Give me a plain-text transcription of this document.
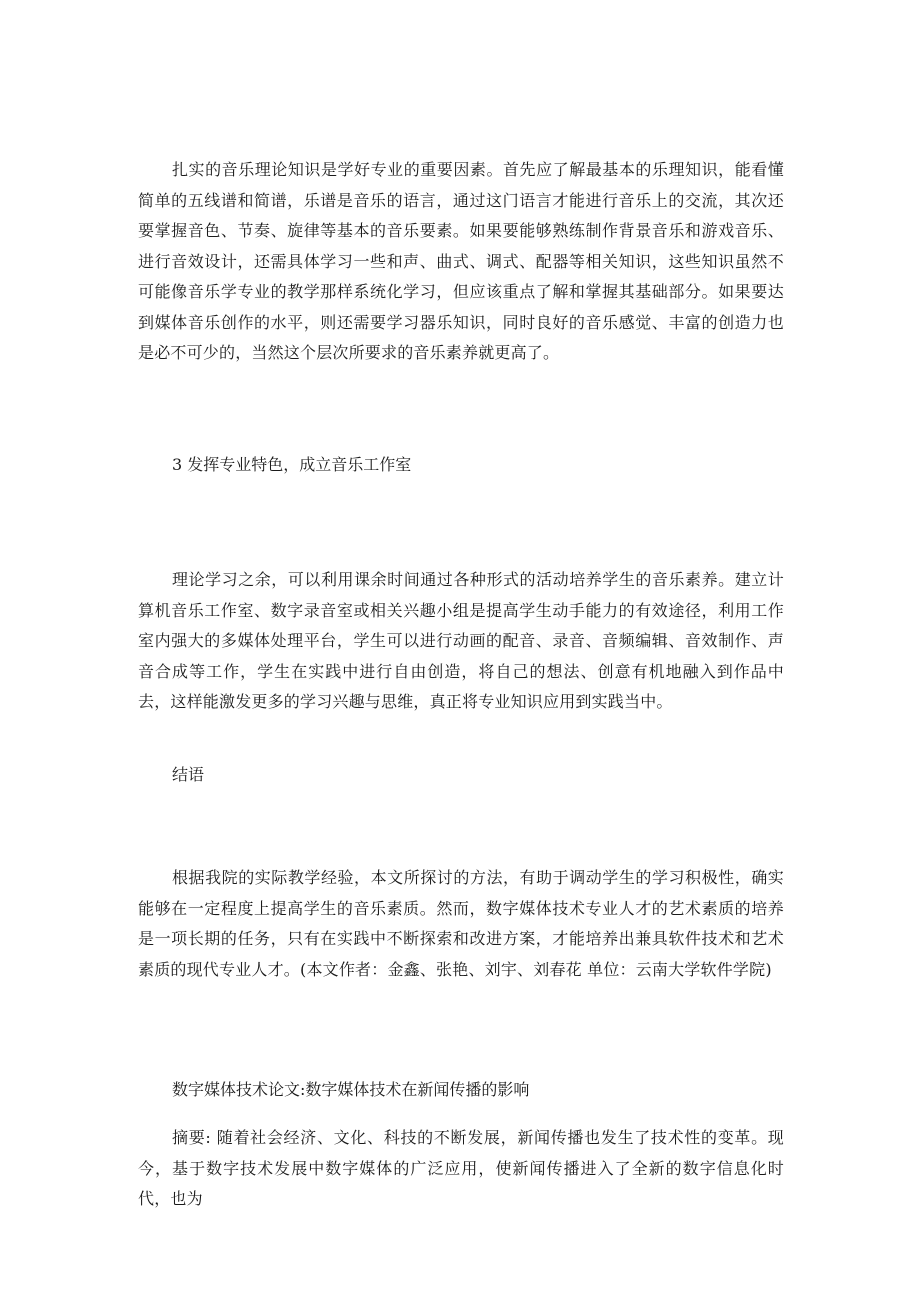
扎实的音乐理论知识是学好专业的重要因素。首先应了解最基本的乐理知识，能看懂简单的五线谱和简谱，乐谱是音乐的语言，通过这门语言才能进行音乐上的交流，其次还要掌握音色、节奏、旋律等基本的音乐要素。如果要能够熟练制作背景音乐和游戏音乐、进行音效设计，还需具体学习一些和声、曲式、调式、配器等相关知识，这些知识虽然不可能像音乐学专业的教学那样系统化学习，但应该重点了解和掌握其基础部分。如果要达到媒体音乐创作的水平，则还需要学习器乐知识，同时良好的音乐感觉、丰富的创造力也是必不可少的，当然这个层次所要求的音乐素养就更高了。

3 发挥专业特色，成立音乐工作室

理论学习之余，可以利用课余时间通过各种形式的活动培养学生的音乐素养。建立计算机音乐工作室、数字录音室或相关兴趣小组是提高学生动手能力的有效途径，利用工作室内强大的多媒体处理平台，学生可以进行动画的配音、录音、音频编辑、音效制作、声音合成等工作，学生在实践中进行自由创造，将自己的想法、创意有机地融入到作品中去，这样能激发更多的学习兴趣与思维，真正将专业知识应用到实践当中。

结语

根据我院的实际教学经验，本文所探讨的方法，有助于调动学生的学习积极性，确实能够在一定程度上提高学生的音乐素质。然而，数字媒体技术专业人才的艺术素质的培养是一项长期的任务，只有在实践中不断探索和改进方案，才能培养出兼具软件技术和艺术素质的现代专业人才。(本文作者：金鑫、张艳、刘宇、刘春花 单位：云南大学软件学院)

数字媒体技术论文:数字媒体技术在新闻传播的影响

摘要: 随着社会经济、文化、科技的不断发展，新闻传播也发生了技术性的变革。现今，基于数字技术发展中数字媒体的广泛应用，使新闻传播进入了全新的数字信息化时代，也为
